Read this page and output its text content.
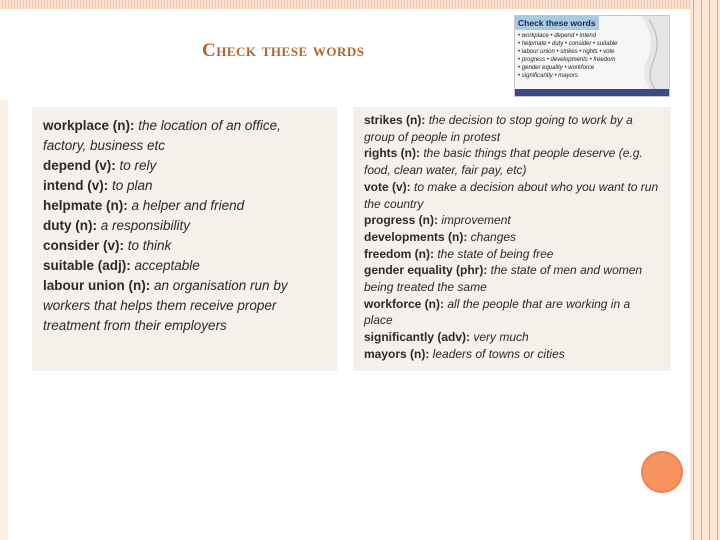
Check these words
Check these words
• workplace • depend • intend
• helpmate • duty • consider • suitable
• labour union • strikes • rights • vote
• progress • developments • freedom
• gender equality • workforce
• significantly • mayors

workplace (n): the location of an office, factory, business etc

depend (v): to rely

intend (v): to plan

helpmate (n): a helper and friend

duty (n): a responsibility

consider (v): to think

suitable (adj): acceptable

labour union (n): an organisation run by workers that helps them receive proper treatment from their employers

strikes (n): the decision to stop going to work by a group of people in protest

rights (n): the basic things that people deserve (e.g. food, clean water, fair pay, etc)

vote (v): to make a decision about who you want to run the country

progress (n): improvement

developments (n): changes

freedom (n): the state of being free

gender equality (phr): the state of men and women being treated the same

workforce (n): all the people that are working in a place

significantly (adv): very much

mayors (n): leaders of towns or cities
